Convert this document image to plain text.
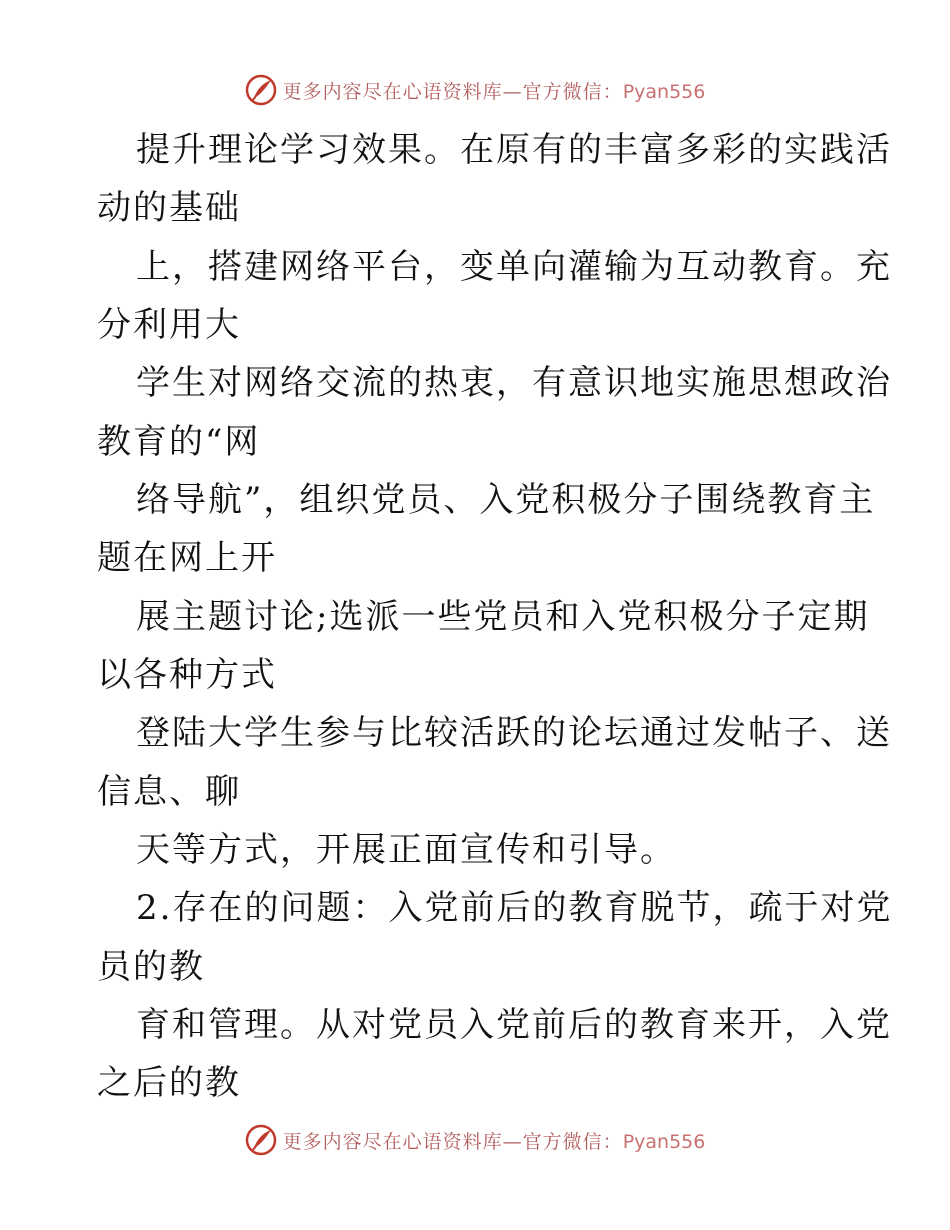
更多内容尽在心语资料库—官方微信：Pyan556
提升理论学习效果。在原有的丰富多彩的实践活
动的基础
上，搭建网络平台，变单向灌输为互动教育。充
分利用大
学生对网络交流的热衷，有意识地实施思想政治
教育的“网
络导航”，组织党员、入党积极分子围绕教育主
题在网上开
展主题讨论;选派一些党员和入党积极分子定期
以各种方式
登陆大学生参与比较活跃的论坛通过发帖子、送
信息、聊
天等方式，开展正面宣传和引导。
2.存在的问题：入党前后的教育脱节，疏于对党
员的教
育和管理。从对党员入党前后的教育来开，入党
之后的教
更多内容尽在心语资料库—官方微信：Pyan556
